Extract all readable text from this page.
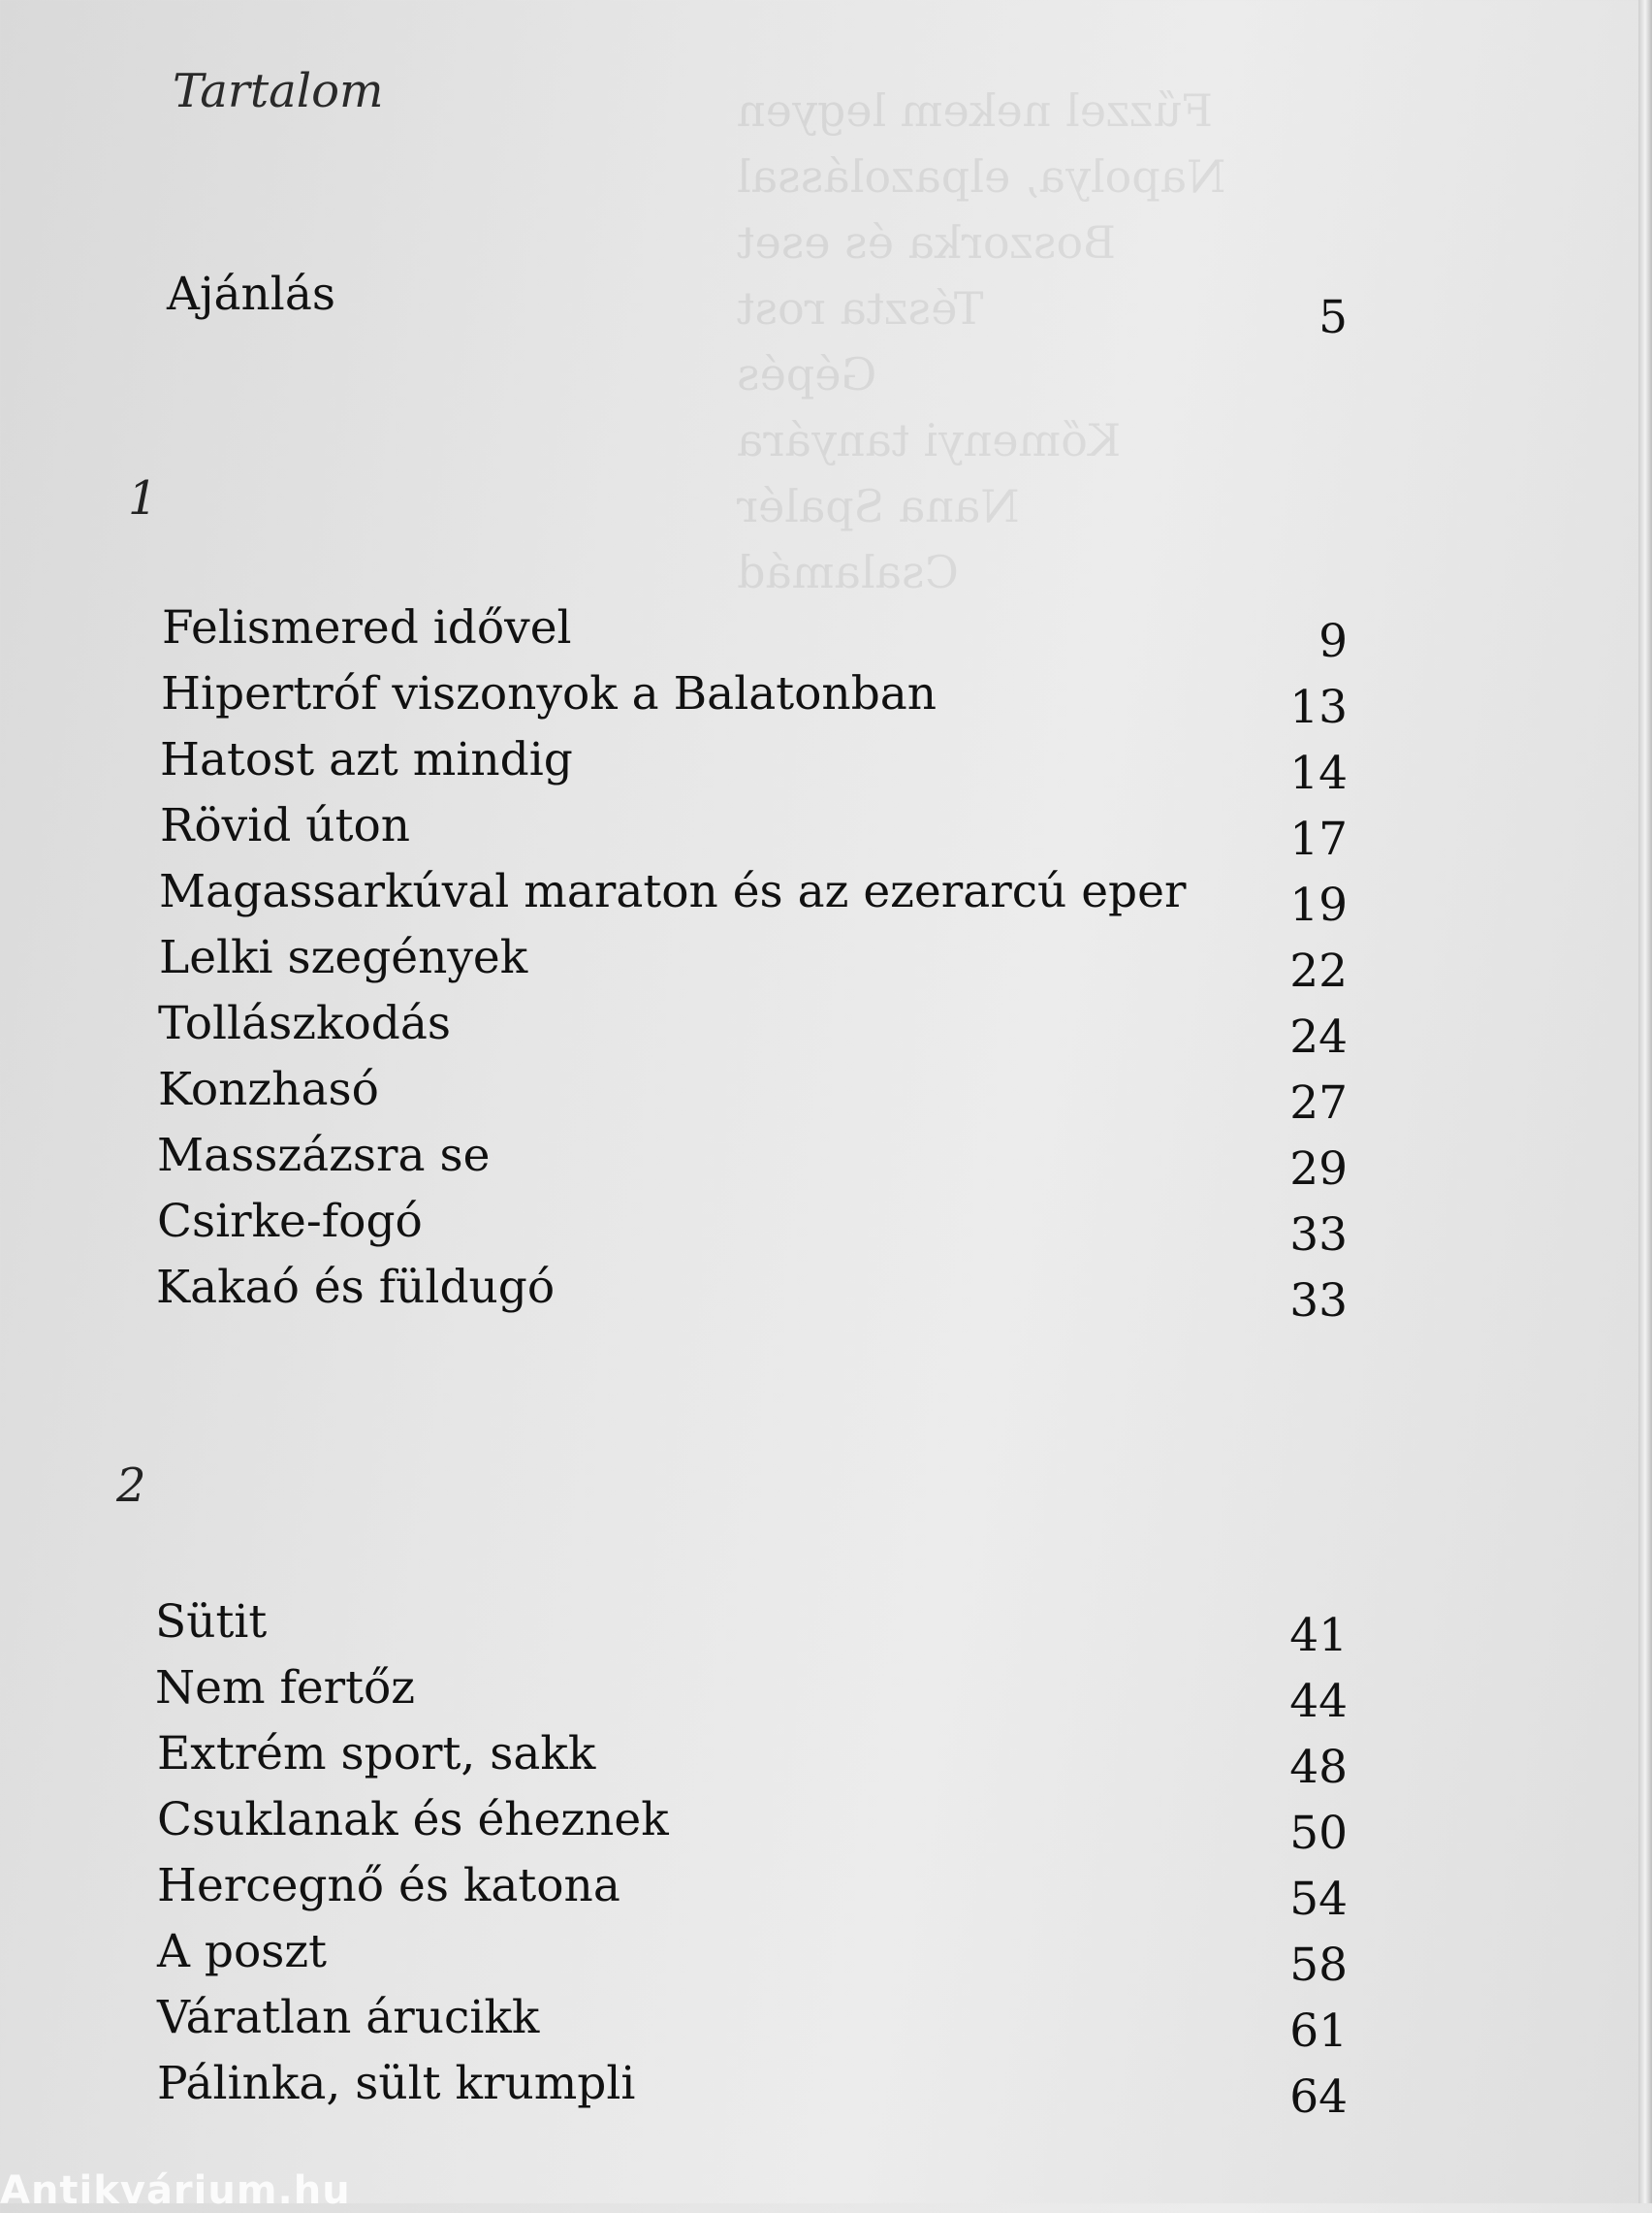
Fűzzel nekem legyen
Napolya, elpazolással
Boszorka és eset
Tészta rost
Gépés
Kőmenyi tanyára
Nana Spalér
Csalamád
Tartalom
Ajánlás	5
1
Felismered idővel	9
Hipertróf viszonyok a Balatonban	13
Hatost azt mindig	14
Rövid úton	17
Magassarkúval maraton és az ezerarcú eper 19
Lelki szegények	22
Tollászkodás	24
Konzhasó	27
Masszázsra se	29
Csirke-fogó	33
Kakaó és füldugó	33
2
Sütit	41
Nem fertőz	44
Extrém sport, sakk	48
Csuklanak és éheznek	50
Hercegnő és katona	54
A poszt	58
Váratlan árucikk	61
Pálinka, sült krumpli	64
Antikvárium.hu
